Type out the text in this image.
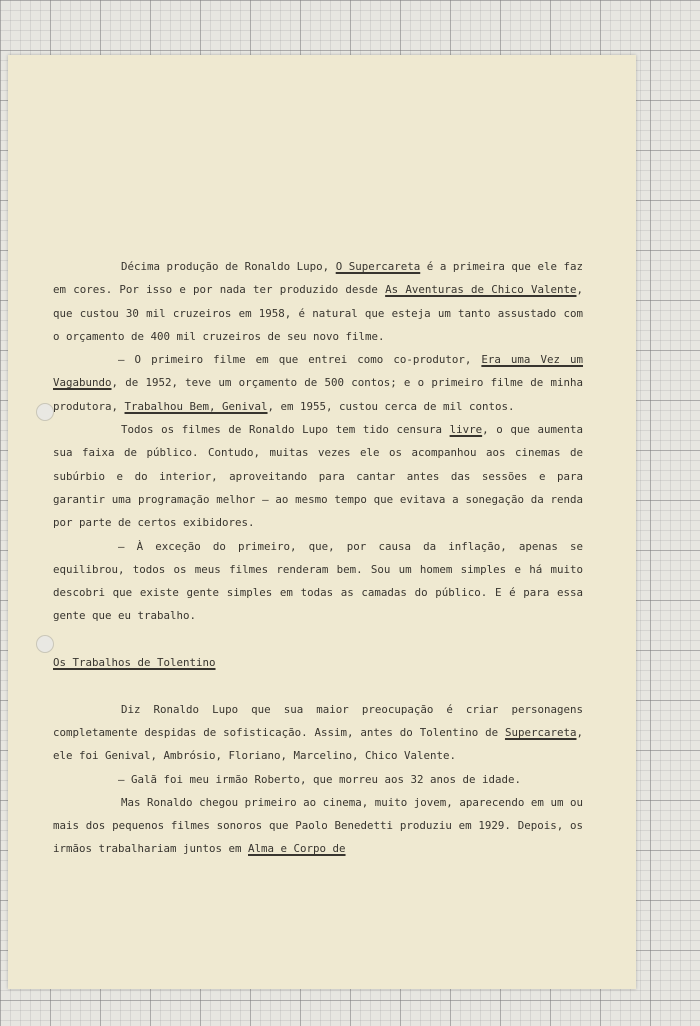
Décima produção de Ronaldo Lupo, O Supercareta é a primeira que ele faz em cores. Por isso e por nada ter produzido desde As Aventuras de Chico Valente, que custou 30 mil cruzeiros em 1958, é natural que esteja um tanto assustado com o orçamento de 400 mil cruzeiros de seu novo filme.

— O primeiro filme em que entrei como co-produtor, Era uma Vez um Vagabundo, de 1952, teve um orçamento de 500 contos; e o primeiro filme de minha produtora, Trabalhou Bem, Genival, em 1955, custou cerca de mil contos.

Todos os filmes de Ronaldo Lupo tem tido censura livre, o que aumenta sua faixa de público. Contudo, muitas vezes ele os acompanhou aos cinemas de subúrbio e do interior, aproveitando para cantar antes das sessões e para garantir uma programação melhor — ao mesmo tempo que evitava a sonegação da renda por parte de certos exibidores.

— À exceção do primeiro, que, por causa da inflação, apenas se equilibrou, todos os meus filmes renderam bem. Sou um homem simples e há muito descobri que existe gente simples em todas as camadas do público. E é para essa gente que eu trabalho.

Os Trabalhos de Tolentino

Diz Ronaldo Lupo que sua maior preocupação é criar personagens completamente despidas de sofisticação. Assim, antes do Tolentino de Supercareta, ele foi Genival, Ambrósio, Floriano, Marcelino, Chico Valente.

— Galã foi meu irmão Roberto, que morreu aos 32 anos de idade.

Mas Ronaldo chegou primeiro ao cinema, muito jovem, aparecendo em um ou mais dos pequenos filmes sonoros que Paolo Benedetti produziu em 1929. Depois, os irmãos trabalhariam juntos em Alma e Corpo de
